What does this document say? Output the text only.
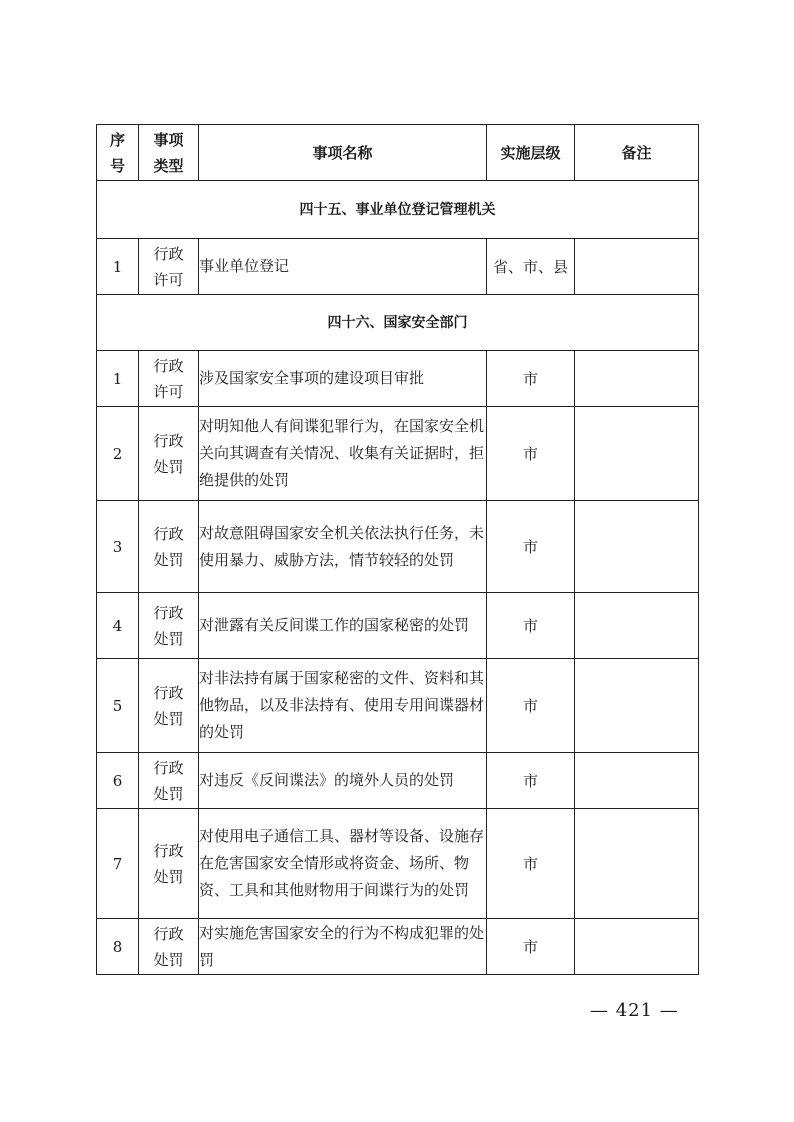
序号	事项类型	事项名称	实施层级	备注
四十五、事业单位登记管理机关				
1	行政许可	事业单位登记	省、市、县	
四十六、国家安全部门				
1	行政许可	涉及国家安全事项的建设项目审批	市	
2	行政处罚	对明知他人有间谍犯罪行为，在国家安全机关向其调查有关情况、收集有关证据时，拒绝提供的处罚	市	
3	行政处罚	对故意阻碍国家安全机关依法执行任务，未使用暴力、威胁方法，情节较轻的处罚	市	
4	行政处罚	对泄露有关反间谍工作的国家秘密的处罚	市	
5	行政处罚	对非法持有属于国家秘密的文件、资料和其他物品，以及非法持有、使用专用间谍器材的处罚	市	
6	行政处罚	对违反《反间谍法》的境外人员的处罚	市	
7	行政处罚	对使用电子通信工具、器材等设备、设施存在危害国家安全情形或将资金、场所、物资、工具和其他财物用于间谍行为的处罚	市	
8	行政处罚	对实施危害国家安全的行为不构成犯罪的处罚	市	
— 421 —
